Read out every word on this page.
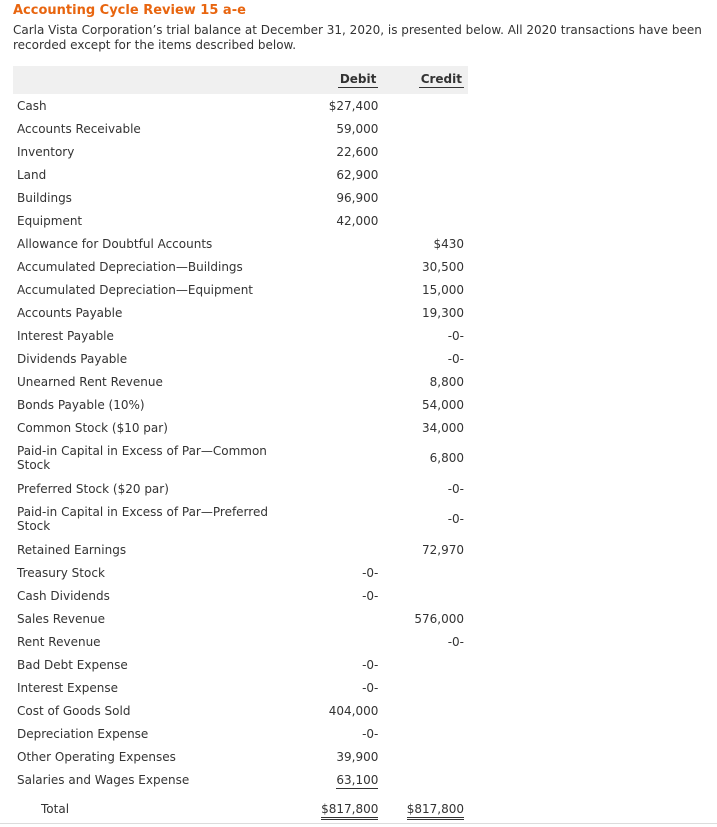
Accounting Cycle Review 15 a-e
Carla Vista Corporation’s trial balance at December 31, 2020, is presented below. All 2020 transactions have been recorded except for the items described below.
	Debit	Credit
Cash	$27,400	
Accounts Receivable	59,000	
Inventory	22,600	
Land	62,900	
Buildings	96,900	
Equipment	42,000	
Allowance for Doubtful Accounts		$430
Accumulated Depreciation—Buildings		30,500
Accumulated Depreciation—Equipment		15,000
Accounts Payable		19,300
Interest Payable		-0-
Dividends Payable		-0-
Unearned Rent Revenue		8,800
Bonds Payable (10%)		54,000
Common Stock ($10 par)		34,000
Paid-in Capital in Excess of Par—Common Stock		6,800
Preferred Stock ($20 par)		-0-
Paid-in Capital in Excess of Par—Preferred Stock		-0-
Retained Earnings		72,970
Treasury Stock	-0-	
Cash Dividends	-0-	
Sales Revenue		576,000
Rent Revenue		-0-
Bad Debt Expense	-0-	
Interest Expense	-0-	
Cost of Goods Sold	404,000	
Depreciation Expense	-0-	
Other Operating Expenses	39,900	
Salaries and Wages Expense	63,100	
Total	$817,800	$817,800
